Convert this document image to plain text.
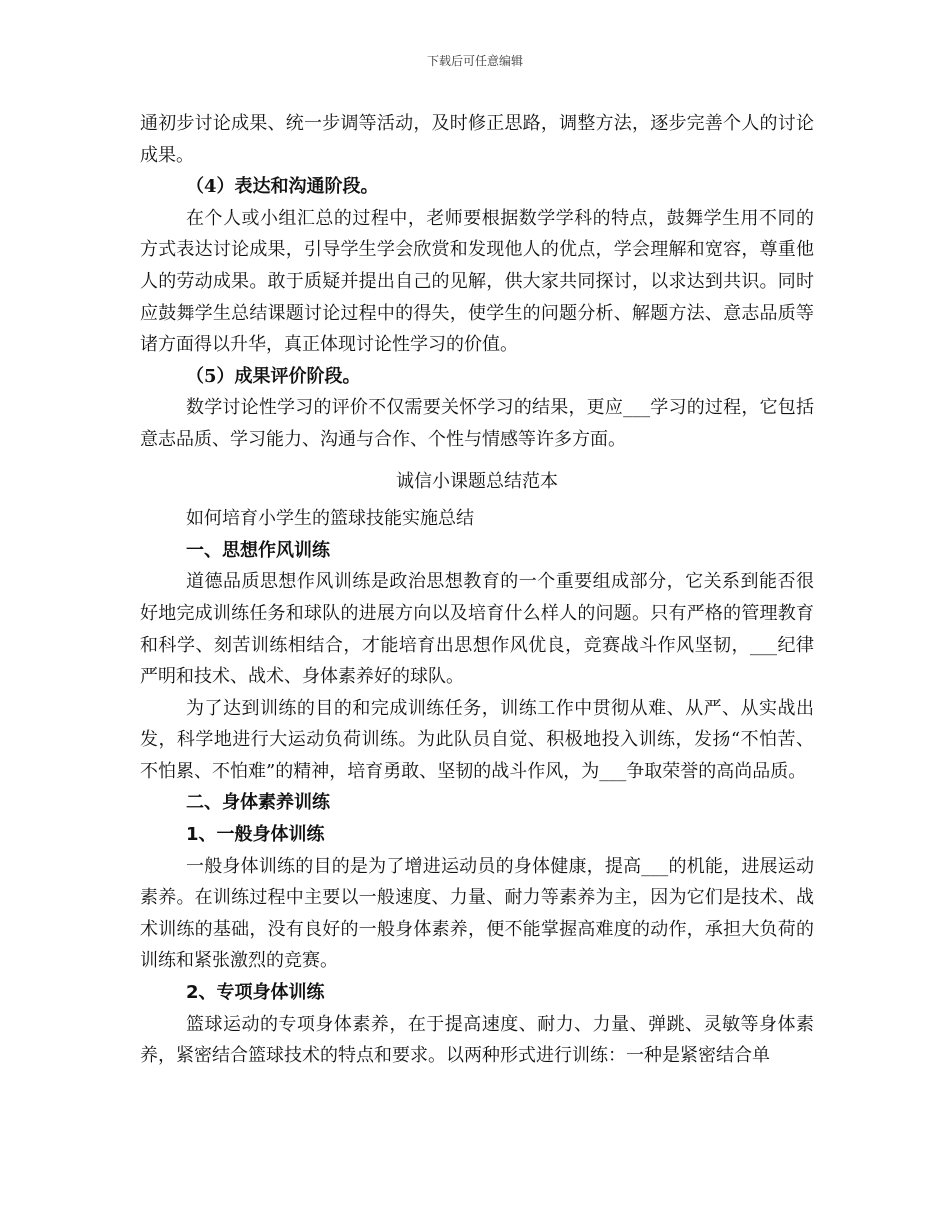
下载后可任意编辑

通初步讨论成果、统一步调等活动，及时修正思路，调整方法，逐步完善个人的讨论成果。

（4）表达和沟通阶段。

在个人或小组汇总的过程中，老师要根据数学学科的特点，鼓舞学生用不同的方式表达讨论成果，引导学生学会欣赏和发现他人的优点，学会理解和宽容，尊重他人的劳动成果。敢于质疑并提出自己的见解，供大家共同探讨，以求达到共识。同时应鼓舞学生总结课题讨论过程中的得失，使学生的问题分析、解题方法、意志品质等诸方面得以升华，真正体现讨论性学习的价值。

（5）成果评价阶段。

数学讨论性学习的评价不仅需要关怀学习的结果，更应___学习的过程，它包括意志品质、学习能力、沟通与合作、个性与情感等许多方面。

诚信小课题总结范本

如何培育小学生的篮球技能实施总结

一、思想作风训练

道德品质思想作风训练是政治思想教育的一个重要组成部分，它关系到能否很好地完成训练任务和球队的进展方向以及培育什么样人的问题。只有严格的管理教育和科学、刻苦训练相结合，才能培育出思想作风优良，竞赛战斗作风坚韧，___纪律严明和技术、战术、身体素养好的球队。

为了达到训练的目的和完成训练任务，训练工作中贯彻从难、从严、从实战出发，科学地进行大运动负荷训练。为此队员自觉、积极地投入训练，发扬“不怕苦、不怕累、不怕难”的精神，培育勇敢、坚韧的战斗作风，为___争取荣誉的高尚品质。

二、身体素养训练

1、一般身体训练

一般身体训练的目的是为了增进运动员的身体健康，提高___的机能，进展运动素养。在训练过程中主要以一般速度、力量、耐力等素养为主，因为它们是技术、战术训练的基础，没有良好的一般身体素养，便不能掌握高难度的动作，承担大负荷的训练和紧张激烈的竞赛。

2、专项身体训练

篮球运动的专项身体素养，在于提高速度、耐力、力量、弹跳、灵敏等身体素养，紧密结合篮球技术的特点和要求。以两种形式进行训练：一种是紧密结合单
